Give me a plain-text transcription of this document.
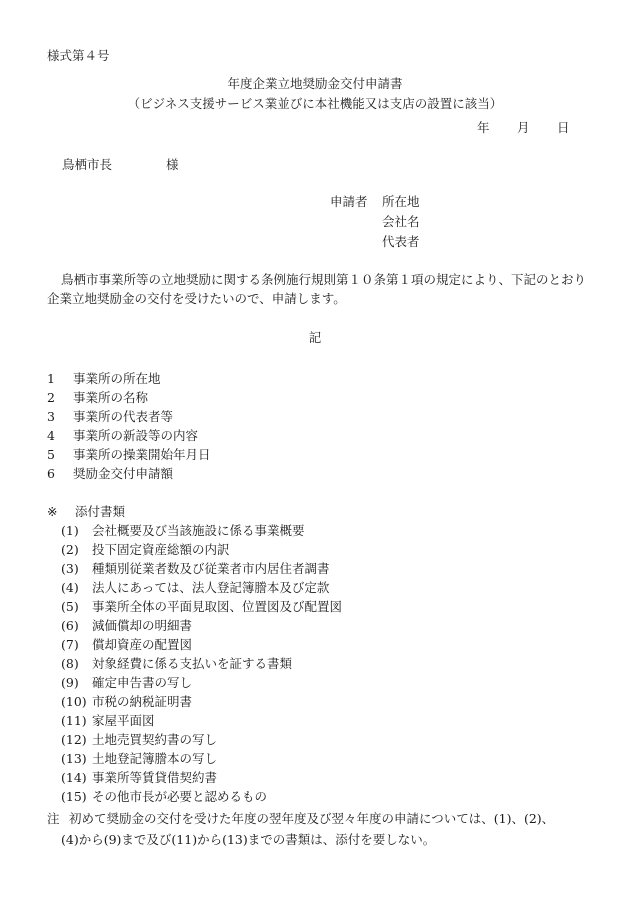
様式第４号
年度企業立地奨励金交付申請書
（ビジネス支援サービス業並びに本社機能又は支店の設置に該当）
年 月 日
鳥栖市長	様
申請者 所在地
会社名
代表者
鳥栖市事業所等の立地奨励に関する条例施行規則第１０条第１項の規定により、下記のとおり企業立地奨励金の交付を受けたいので、申請します。
記
1 事業所の所在地
2 事業所の名称
3 事業所の代表者等
4 事業所の新設等の内容
5 事業所の操業開始年月日
6 奨励金交付申請額
※ 添付書類
(1) 会社概要及び当該施設に係る事業概要
(2) 投下固定資産総額の内訳
(3) 種類別従業者数及び従業者市内居住者調書
(4) 法人にあっては、法人登記簿謄本及び定款
(5) 事業所全体の平面見取図、位置図及び配置図
(6) 減価償却の明細書
(7) 償却資産の配置図
(8) 対象経費に係る支払いを証する書類
(9) 確定申告書の写し
(10) 市税の納税証明書
(11) 家屋平面図
(12) 土地売買契約書の写し
(13) 土地登記簿謄本の写し
(14) 事業所等賃貸借契約書
(15) その他市長が必要と認めるもの
注 初めて奨励金の交付を受けた年度の翌年度及び翌々年度の申請については、(1)、(2)、
(4)から(9)まで及び(11)から(13)までの書類は、添付を要しない。
